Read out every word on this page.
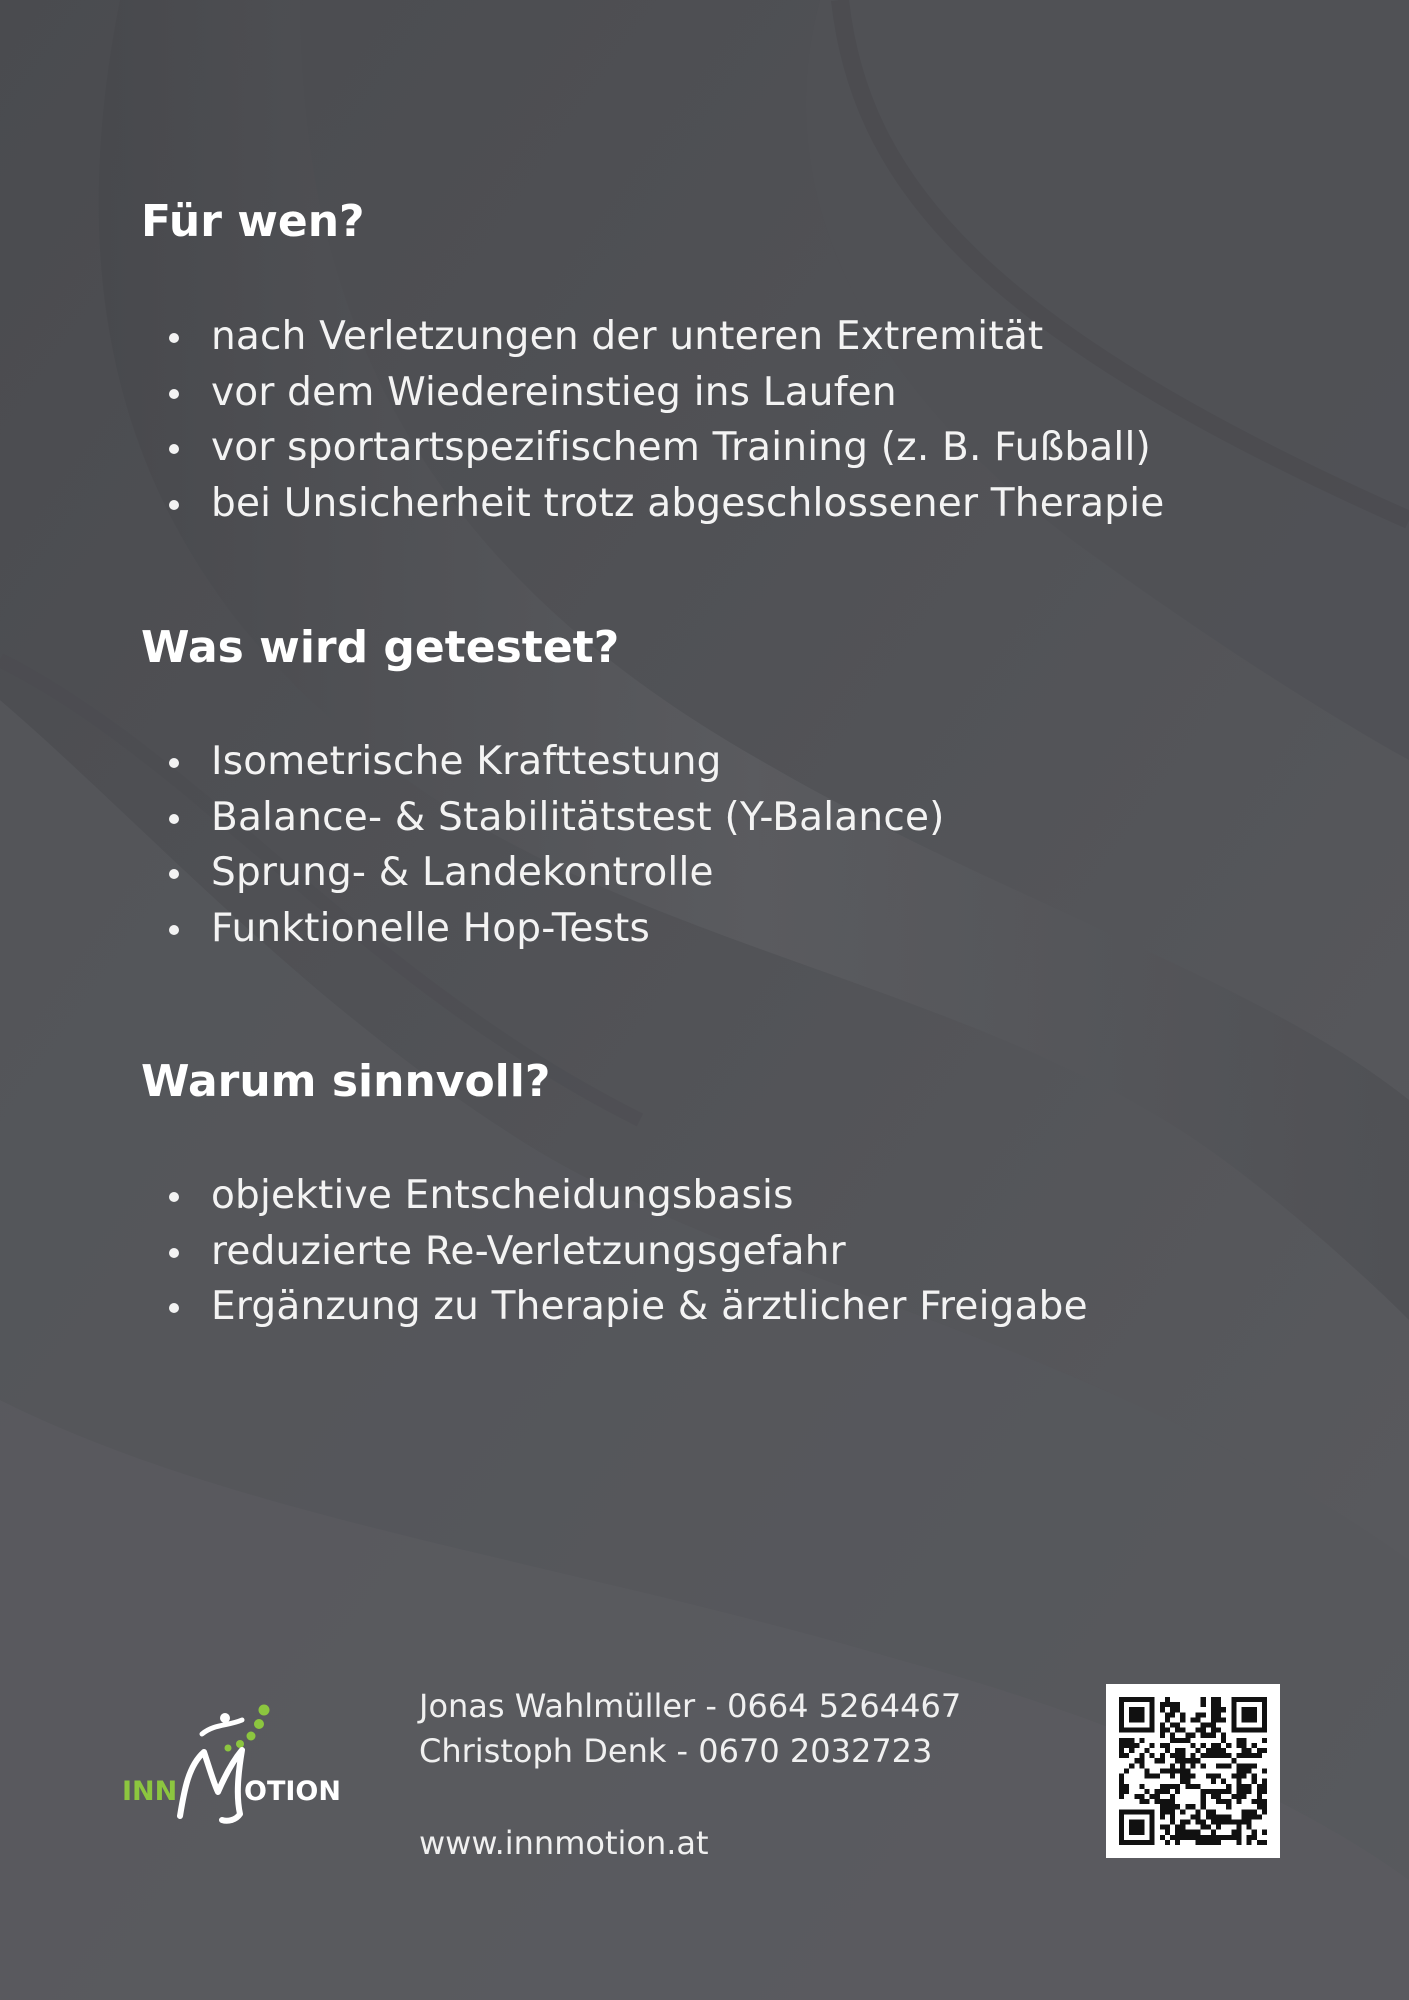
Für wen?
nach Verletzungen der unteren Extremität
vor dem Wiedereinstieg ins Laufen
vor sportartspezifischem Training (z. B. Fußball)
bei Unsicherheit trotz abgeschlossener Therapie
Was wird getestet?
Isometrische Krafttestung
Balance- & Stabilitätstest (Y-Balance)
Sprung- & Landekontrolle
Funktionelle Hop-Tests
Warum sinnvoll?
objektive Entscheidungsbasis
reduzierte Re-Verletzungsgefahr
Ergänzung zu Therapie & ärztlicher Freigabe
INN OTION
M	Jonas Wahlmüller - 0664 5264467
Christoph Denk - 0670 2032723
www.innmotion.at
